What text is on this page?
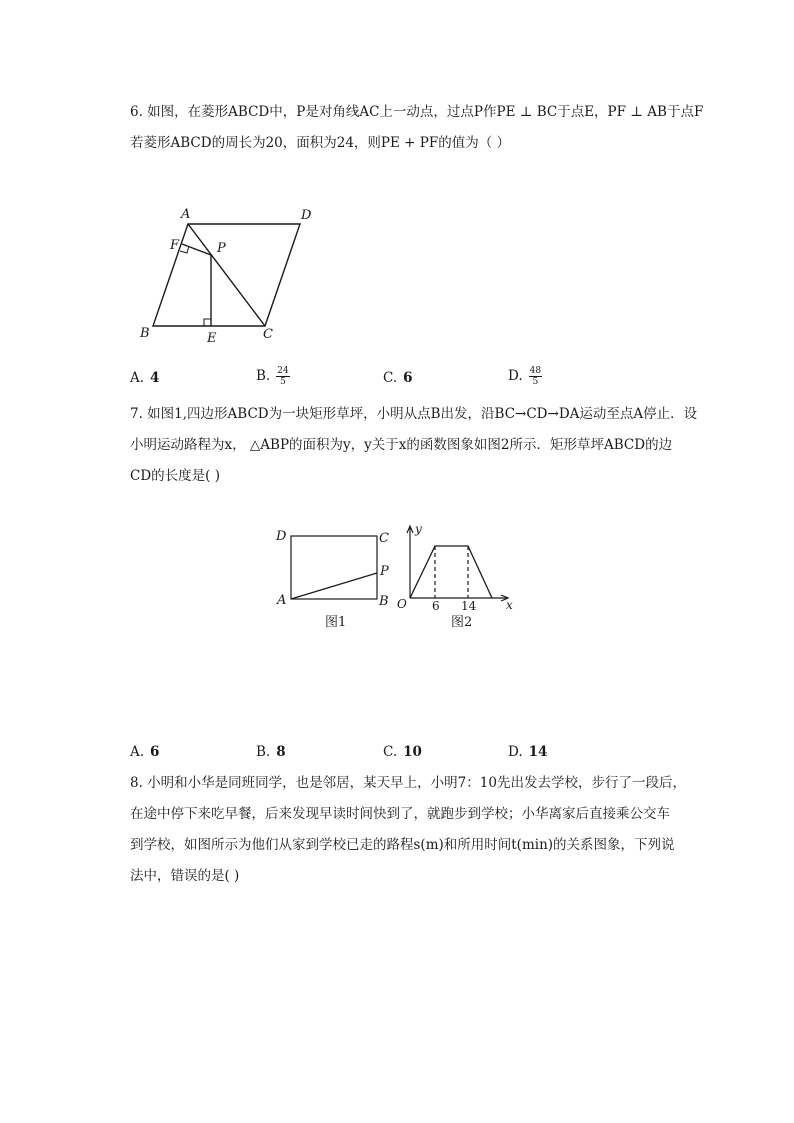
6. 如图，在菱形ABCD中，P是对角线AC上一动点，过点P作PE ⊥ BC于点E，PF ⊥ AB于点F
若菱形ABCD的周长为20，面积为24，则PE + PF的值为（ ）
A	D
F	P
B	E	C
A. 4	B. $\frac{24}{5}$	C. 6	D. $\frac{48}{5}$
7. 如图1,四边形ABCD为一块矩形草坪，小明从点B出发，沿BC→CD→DA运动至点A停止．设
小明运动路程为x， △ABP的面积为y，y关于x的函数图象如图2所示．矩形草坪ABCD的边
CD的长度是( )
D	C
P
A	B
图1
y
x
O 6 14
图2
A. 6	B. 8	C. 10	D. 14
8. 小明和小华是同班同学，也是邻居，某天早上，小明7：10先出发去学校，步行了一段后，
在途中停下来吃早餐，后来发现早读时间快到了，就跑步到学校；小华离家后直接乘公交车
到学校，如图所示为他们从家到学校已走的路程s(m)和所用时间t(min)的关系图象，下列说
法中，错误的是( )
